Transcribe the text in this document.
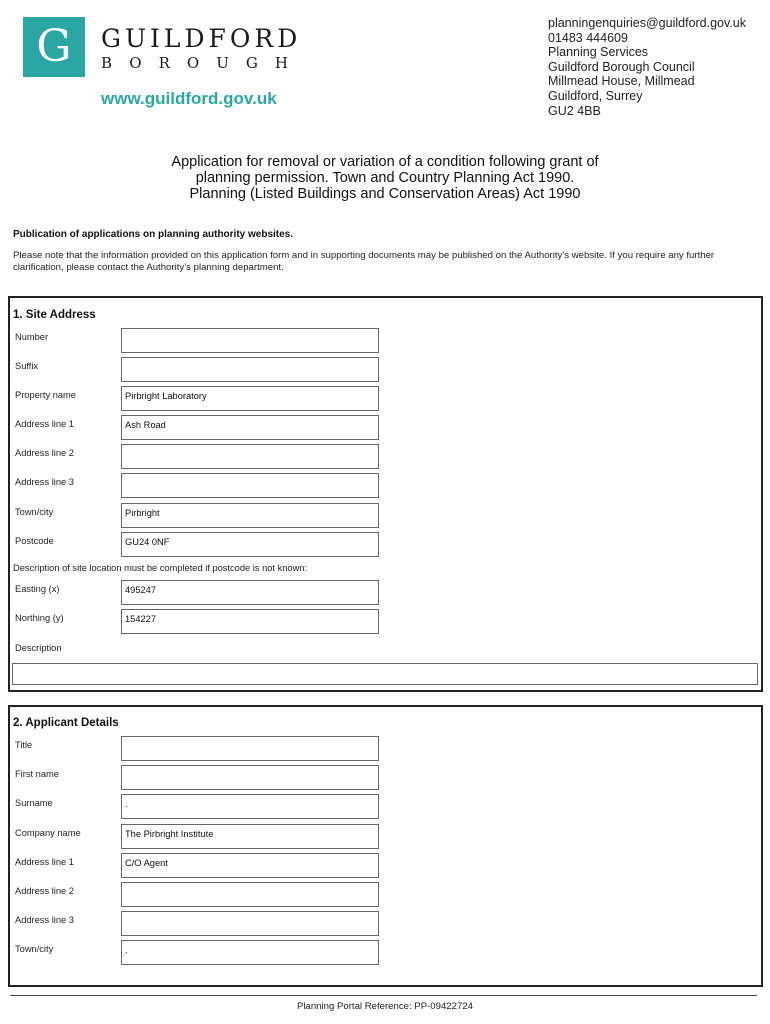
G	GUILDFORD
BOROUGH
www.guildford.gov.uk
planningenquiries@guildford.gov.uk
01483 444609
Planning Services
Guildford Borough Council
Millmead House, Millmead
Guildford, Surrey
GU2 4BB
Application for removal or variation of a condition following grant of
planning permission. Town and Country Planning Act 1990.
Planning (Listed Buildings and Conservation Areas) Act 1990
Publication of applications on planning authority websites.
Please note that the information provided on this application form and in supporting documents may be published on the Authority’s website. If you require any further clarification, please contact the Authority’s planning department.
1. Site Address
Number
Suffix
Property name	Pirbright Laboratory
Address line 1	Ash Road
Address line 2
Address line 3
Town/city	Pirbright
Postcode	GU24 0NF
Description of site location must be completed if postcode is not known:
Easting (x)	495247
Northing (y)	154227
Description
2. Applicant Details
Title
First name
Surname	.
Company name	The Pirbright Institute
Address line 1	C/O Agent
Address line 2
Address line 3
Town/city	.
Planning Portal Reference: PP-09422724
